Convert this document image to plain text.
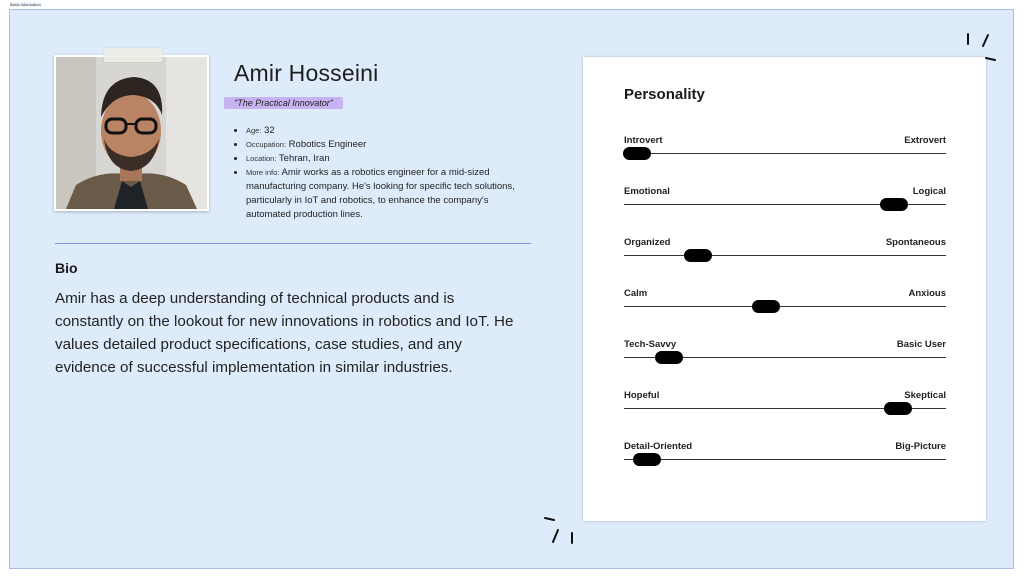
Basic information
Amir Hosseini
"The Practical Innovator"
• Age: 32
• Occupation: Robotics Engineer
• Location: Tehran, Iran
• More info: Amir works as a robotics engineer for a mid-sized manufacturing company. He's looking for specific tech solutions, particularly in IoT and robotics, to enhance the company's automated production lines.
Bio

Amir has a deep understanding of technical products and is constantly on the lookout for new innovations in robotics and IoT. He values detailed product specifications, case studies, and any evidence of successful implementation in similar industries.

Personality
Introvert	Extrovert
Emotional	Logical
Organized	Spontaneous
Calm	Anxious
Tech-Savvy	Basic User
Hopeful	Skeptical
Detail-Oriented	Big-Picture
